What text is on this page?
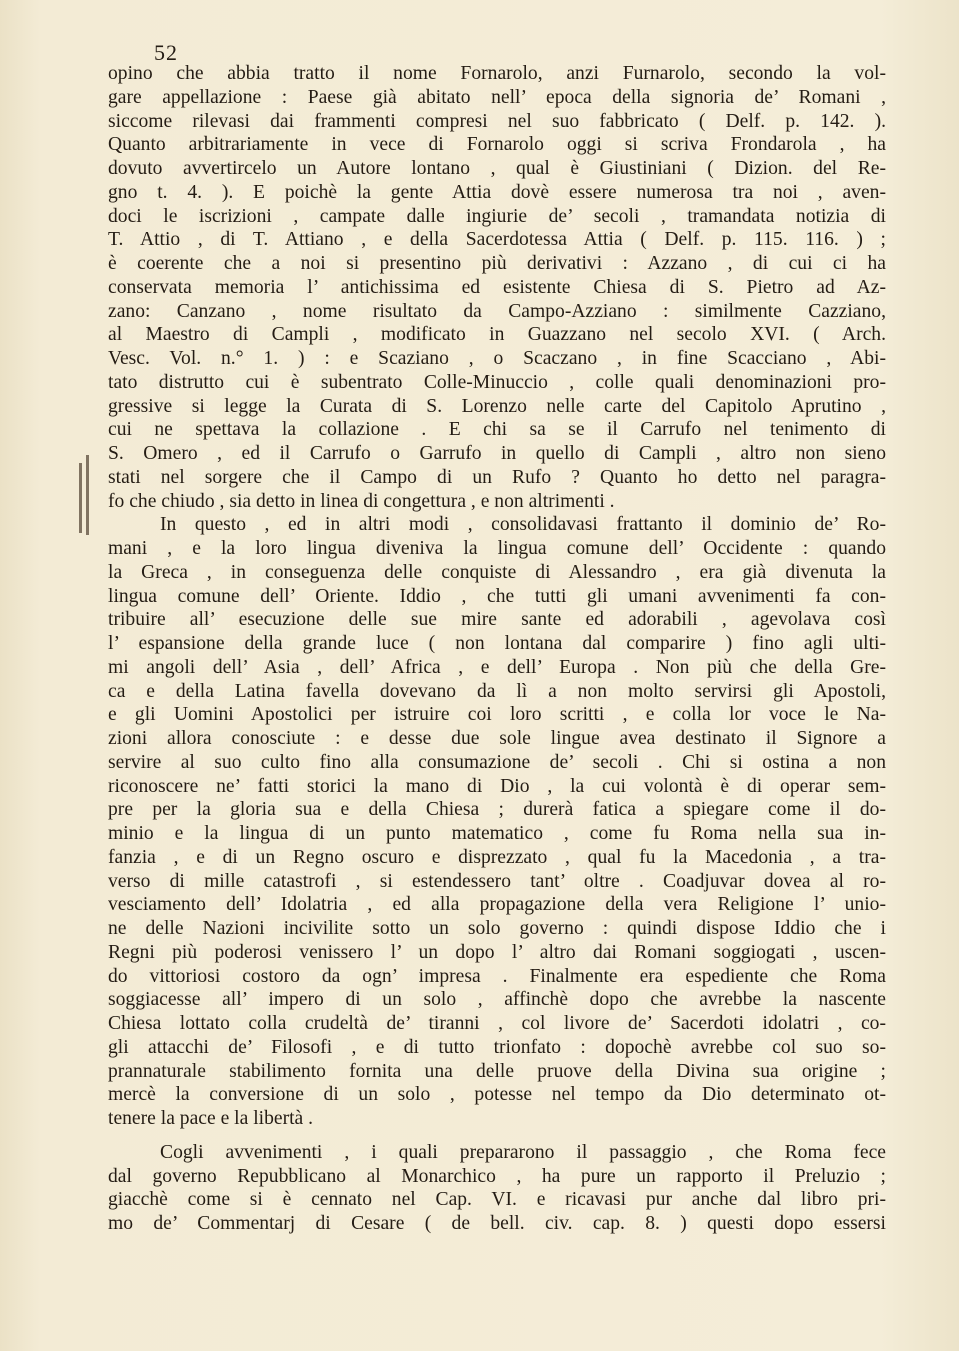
52
opino che abbia tratto il nome Fornarolo, anzi Furnarolo, secondo la vol-
gare appellazione : Paese già abitato nell’ epoca della signoria de’ Romani ,
siccome rilevasi dai frammenti compresi nel suo fabbricato ( Delf. p. 142. ).
Quanto arbitrariamente in vece di Fornarolo oggi si scriva Frondarola , ha
dovuto avvertircelo un Autore lontano , qual è Giustiniani ( Dizion. del Re-
gno t. 4. ). E poichè la gente Attia dovè essere numerosa tra noi , aven-
doci le iscrizioni , campate dalle ingiurie de’ secoli , tramandata notizia di
T. Attio , di T. Attiano , e della Sacerdotessa Attia ( Delf. p. 115. 116. ) ;
è coerente che a noi si presentino più derivativi : Azzano , di cui ci ha
conservata memoria l’ antichissima ed esistente Chiesa di S. Pietro ad Az-
zano: Canzano , nome risultato da Campo-Azziano : similmente Cazziano,
al Maestro di Campli , modificato in Guazzano nel secolo XVI. ( Arch.
Vesc. Vol. n.° 1. ) : e Scaziano , o Scaczano , in fine Scacciano , Abi-
tato distrutto cui è subentrato Colle-Minuccio , colle quali denominazioni pro-
gressive si legge la Curata di S. Lorenzo nelle carte del Capitolo Aprutino ,
cui ne spettava la collazione . E chi sa se il Carrufo nel tenimento di
S. Omero , ed il Carrufo o Garrufo in quello di Campli , altro non sieno
stati nel sorgere che il Campo di un Rufo ? Quanto ho detto nel paragra-
fo che chiudo , sia detto in linea di congettura , e non altrimenti .
In questo , ed in altri modi , consolidavasi frattanto il dominio de’ Ro-
mani , e la loro lingua diveniva la lingua comune dell’ Occidente : quando
la Greca , in conseguenza delle conquiste di Alessandro , era già divenuta la
lingua comune dell’ Oriente. Iddio , che tutti gli umani avvenimenti fa con-
tribuire all’ esecuzione delle sue mire sante ed adorabili , agevolava così
l’ espansione della grande luce ( non lontana dal comparire ) fino agli ulti-
mi angoli dell’ Asia , dell’ Africa , e dell’ Europa . Non più che della Gre-
ca e della Latina favella dovevano da lì a non molto servirsi gli Apostoli,
e gli Uomini Apostolici per istruire coi loro scritti , e colla lor voce le Na-
zioni allora conosciute : e desse due sole lingue avea destinato il Signore a
servire al suo culto fino alla consumazione de’ secoli . Chi si ostina a non
riconoscere ne’ fatti storici la mano di Dio , la cui volontà è di operar sem-
pre per la gloria sua e della Chiesa ; durerà fatica a spiegare come il do-
minio e la lingua di un punto matematico , come fu Roma nella sua in-
fanzia , e di un Regno oscuro e disprezzato , qual fu la Macedonia , a tra-
verso di mille catastrofi , si estendessero tant’ oltre . Coadjuvar dovea al ro-
vesciamento dell’ Idolatria , ed alla propagazione della vera Religione l’ unio-
ne delle Nazioni incivilite sotto un solo governo : quindi dispose Iddio che i
Regni più poderosi venissero l’ un dopo l’ altro dai Romani soggiogati , uscen-
do vittoriosi costoro da ogn’ impresa . Finalmente era espediente che Roma
soggiacesse all’ impero di un solo , affinchè dopo che avrebbe la nascente
Chiesa lottato colla crudeltà de’ tiranni , col livore de’ Sacerdoti idolatri , co-
gli attacchi de’ Filosofi , e di tutto trionfato : dopochè avrebbe col suo so-
prannaturale stabilimento fornita una delle pruove della Divina sua origine ;
mercè la conversione di un solo , potesse nel tempo da Dio determinato ot-
tenere la pace e la libertà .
Cogli avvenimenti , i quali prepararono il passaggio , che Roma fece
dal governo Repubblicano al Monarchico , ha pure un rapporto il Preluzio ;
giacchè come si è cennato nel Cap. VI. e ricavasi pur anche dal libro pri-
mo de’ Commentarj di Cesare ( de bell. civ. cap. 8. ) questi dopo essersi
